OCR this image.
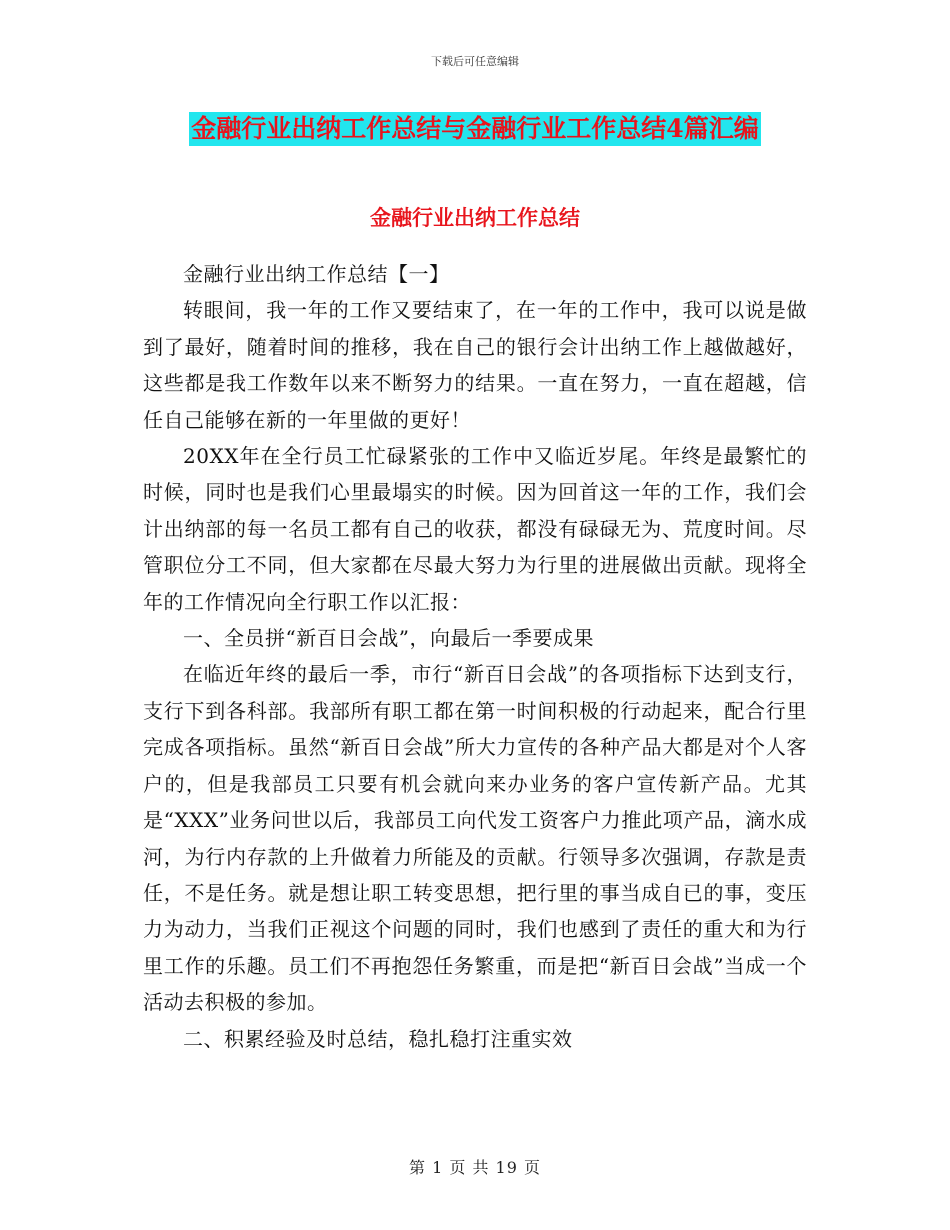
下载后可任意编辑
金融行业出纳工作总结与金融行业工作总结4篇汇编
金融行业出纳工作总结

金融行业出纳工作总结【一】

转眼间，我一年的工作又要结束了，在一年的工作中，我可以说是做到了最好，随着时间的推移，我在自己的银行会计出纳工作上越做越好，这些都是我工作数年以来不断努力的结果。一直在努力，一直在超越，信任自己能够在新的一年里做的更好！

20XX年在全行员工忙碌紧张的工作中又临近岁尾。年终是最繁忙的时候，同时也是我们心里最塌实的时候。因为回首这一年的工作，我们会计出纳部的每一名员工都有自己的收获，都没有碌碌无为、荒度时间。尽管职位分工不同，但大家都在尽最大努力为行里的进展做出贡献。现将全年的工作情况向全行职工作以汇报：

一、全员拼“新百日会战”，向最后一季要成果

在临近年终的最后一季，市行“新百日会战”的各项指标下达到支行，支行下到各科部。我部所有职工都在第一时间积极的行动起来，配合行里完成各项指标。虽然“新百日会战”所大力宣传的各种产品大都是对个人客户的，但是我部员工只要有机会就向来办业务的客户宣传新产品。尤其是“XXX”业务问世以后，我部员工向代发工资客户力推此项产品，滴水成河，为行内存款的上升做着力所能及的贡献。行领导多次强调，存款是责任，不是任务。就是想让职工转变思想，把行里的事当成自已的事，变压力为动力，当我们正视这个问题的同时，我们也感到了责任的重大和为行里工作的乐趣。员工们不再抱怨任务繁重，而是把“新百日会战”当成一个活动去积极的参加。

二、积累经验及时总结，稳扎稳打注重实效

第 1 页 共 19 页
